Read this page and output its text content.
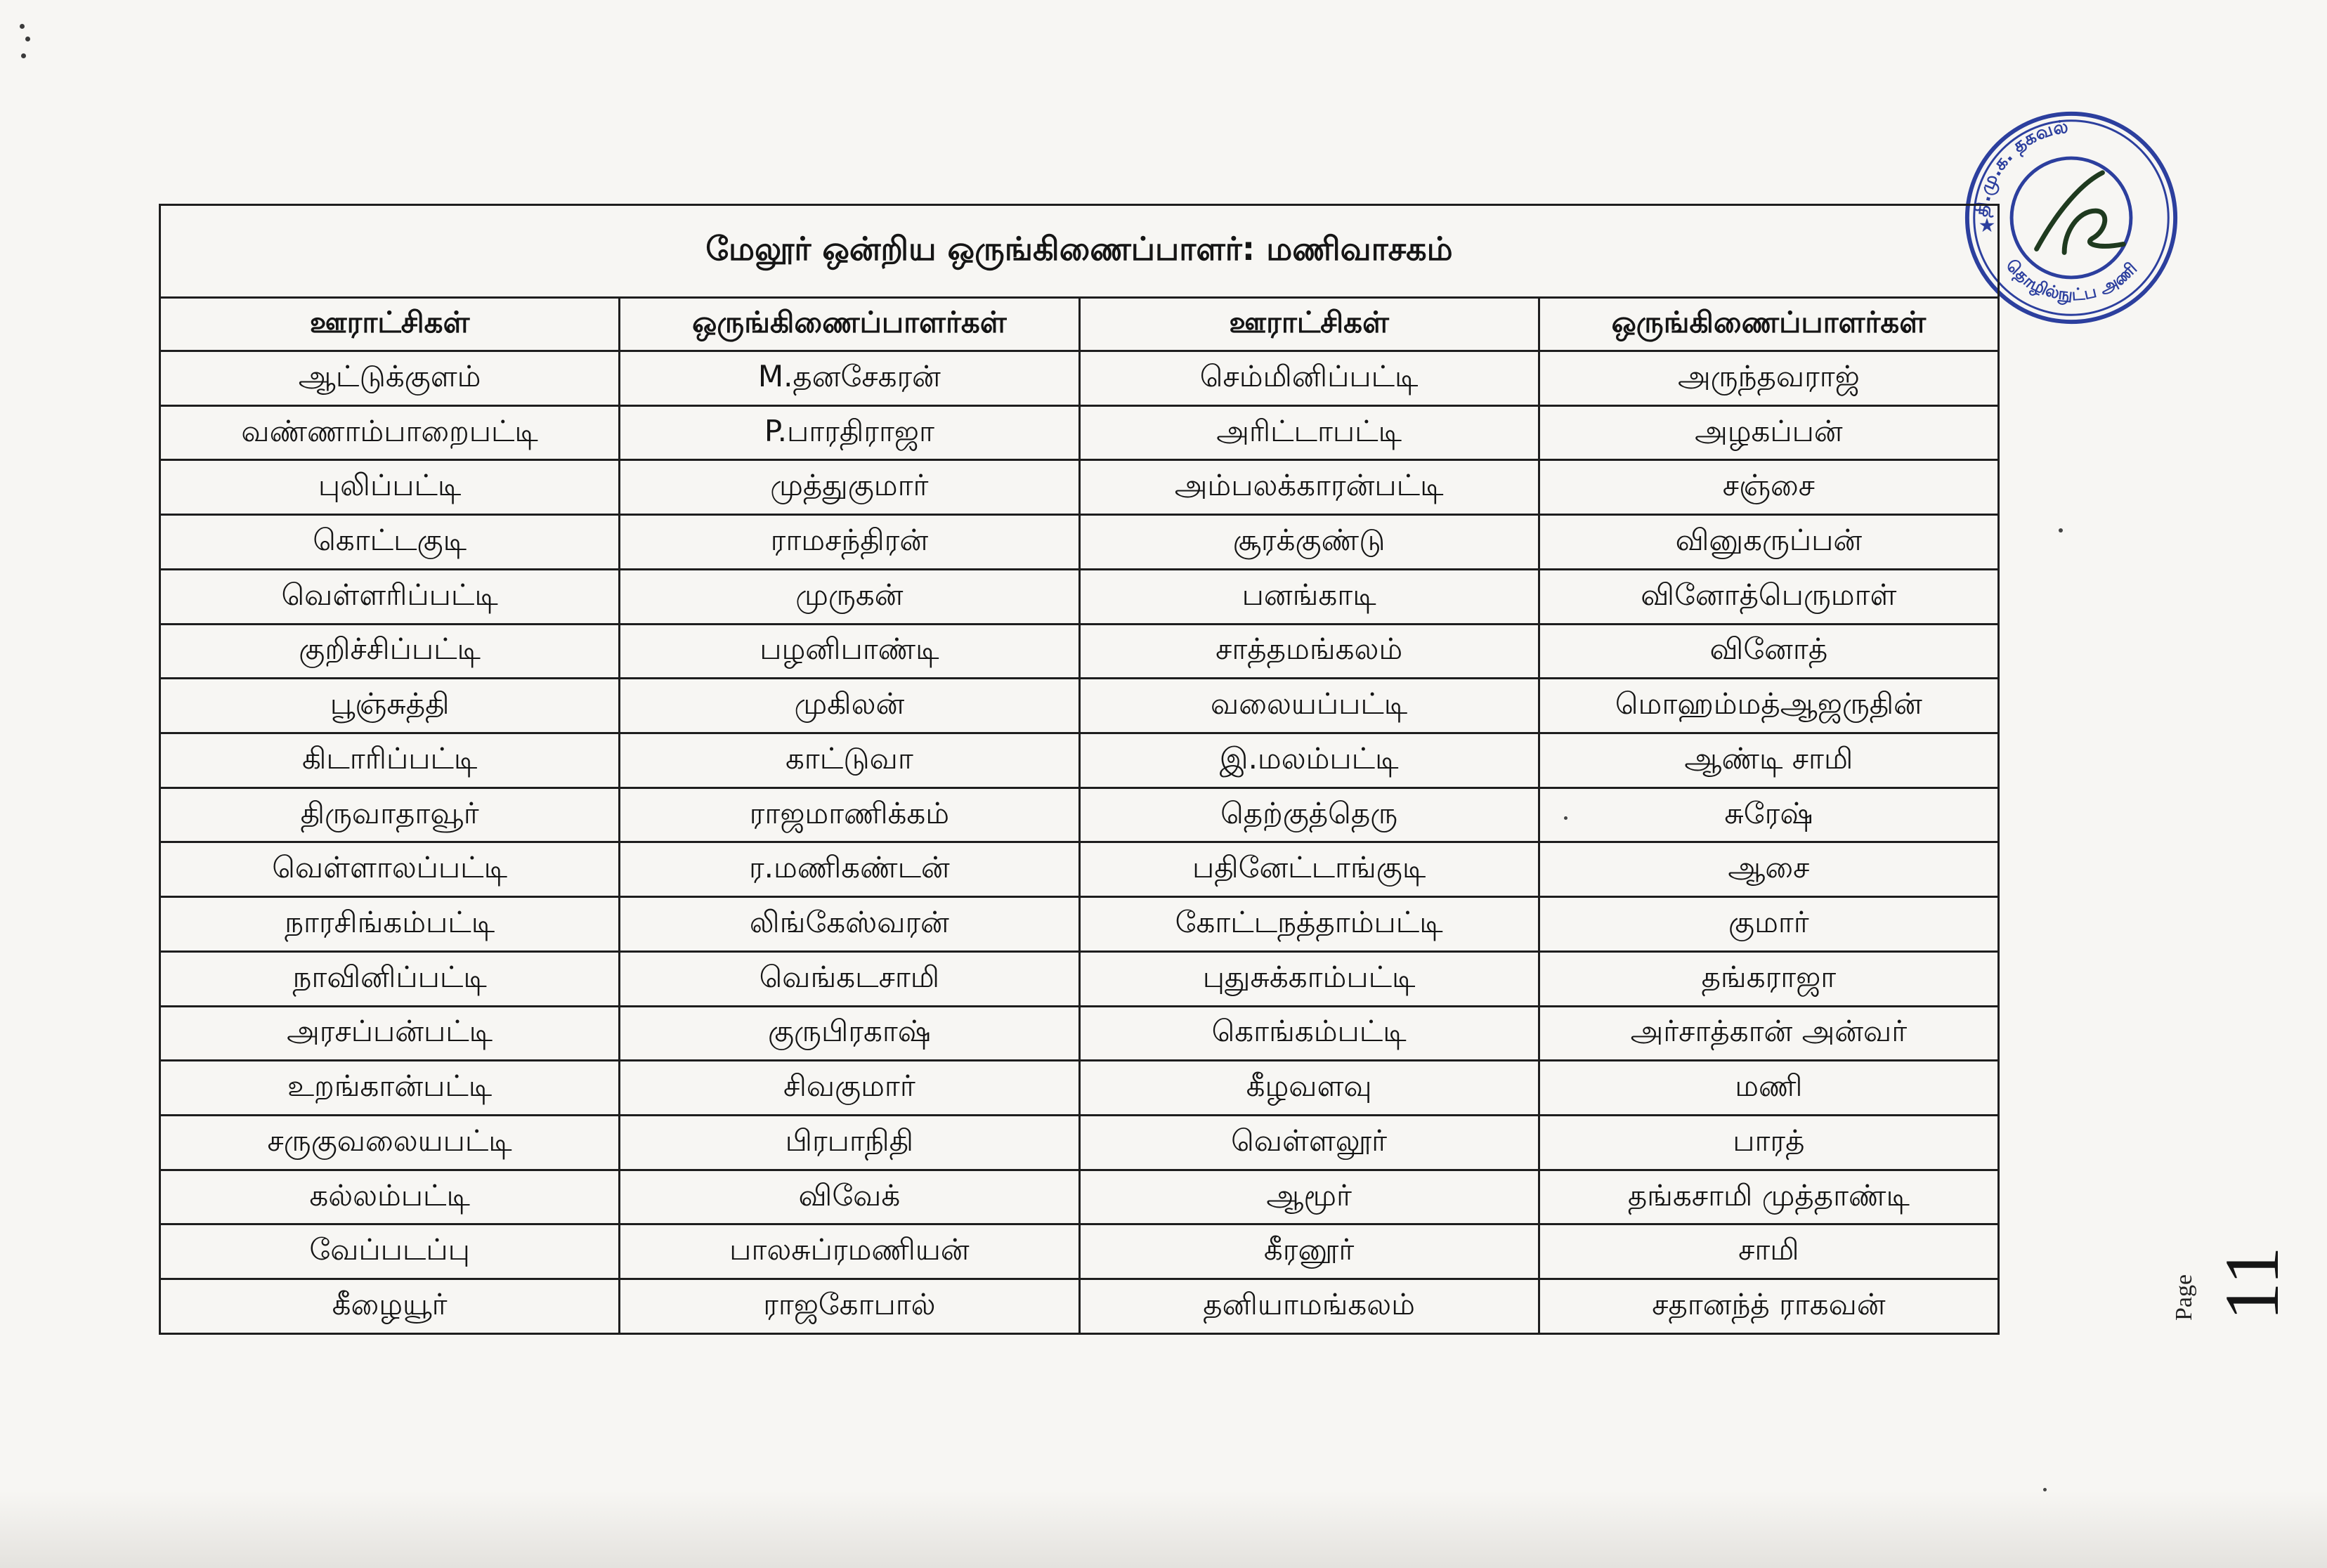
தி.மு.க. தகவல்
தொழில்நுட்ப அணி
★
மேலூர் ஒன்றிய ஒருங்கிணைப்பாளர்: மணிவாசகம்			
ஊராட்சிகள்	ஒருங்கிணைப்பாளர்கள்	ஊராட்சிகள்	ஒருங்கிணைப்பாளர்கள்
ஆட்டுக்குளம்	M.தனசேகரன்	செம்மினிப்பட்டி	அருந்தவராஜ்
வண்ணாம்பாறைபட்டி	P.பாரதிராஜா	அரிட்டாபட்டி	அழகப்பன்
புலிப்பட்டி	முத்துகுமார்	அம்பலக்காரன்பட்டி	சஞ்சை
கொட்டகுடி	ராமசந்திரன்	சூரக்குண்டு	வினுகருப்பன்
வெள்ளரிப்பட்டி	முருகன்	பனங்காடி	வினோத்பெருமாள்
குறிச்சிப்பட்டி	பழனிபாண்டி	சாத்தமங்கலம்	வினோத்
பூஞ்சுத்தி	முகிலன்	வலையப்பட்டி	மொஹம்மத்ஆஜருதின்
கிடாரிப்பட்டி	காட்டுவா	இ.மலம்பட்டி	ஆண்டி சாமி
திருவாதாவூர்	ராஜமாணிக்கம்	தெற்குத்தெரு	சுரேஷ்
வெள்ளாலப்பட்டி	ர.மணிகண்டன்	பதினேட்டாங்குடி	ஆசை
நாரசிங்கம்பட்டி	லிங்கேஸ்வரன்	கோட்டநத்தாம்பட்டி	குமார்
நாவினிப்பட்டி	வெங்கடசாமி	புதுசுக்காம்பட்டி	தங்கராஜா
அரசப்பன்பட்டி	குருபிரகாஷ்	கொங்கம்பட்டி	அர்சாத்கான் அன்வர்
உறங்கான்பட்டி	சிவகுமார்	கீழவளவு	மணி
சருகுவலையபட்டி	பிரபாநிதி	வெள்ளலூர்	பாரத்
கல்லம்பட்டி	விவேக்	ஆமூர்	தங்கசாமி முத்தாண்டி
வேப்படப்பு	பாலசுப்ரமணியன்	கீரனூர்	சாமி
கீழையூர்	ராஜகோபால்	தனியாமங்கலம்	சதானந்த் ராகவன்	Page 11
